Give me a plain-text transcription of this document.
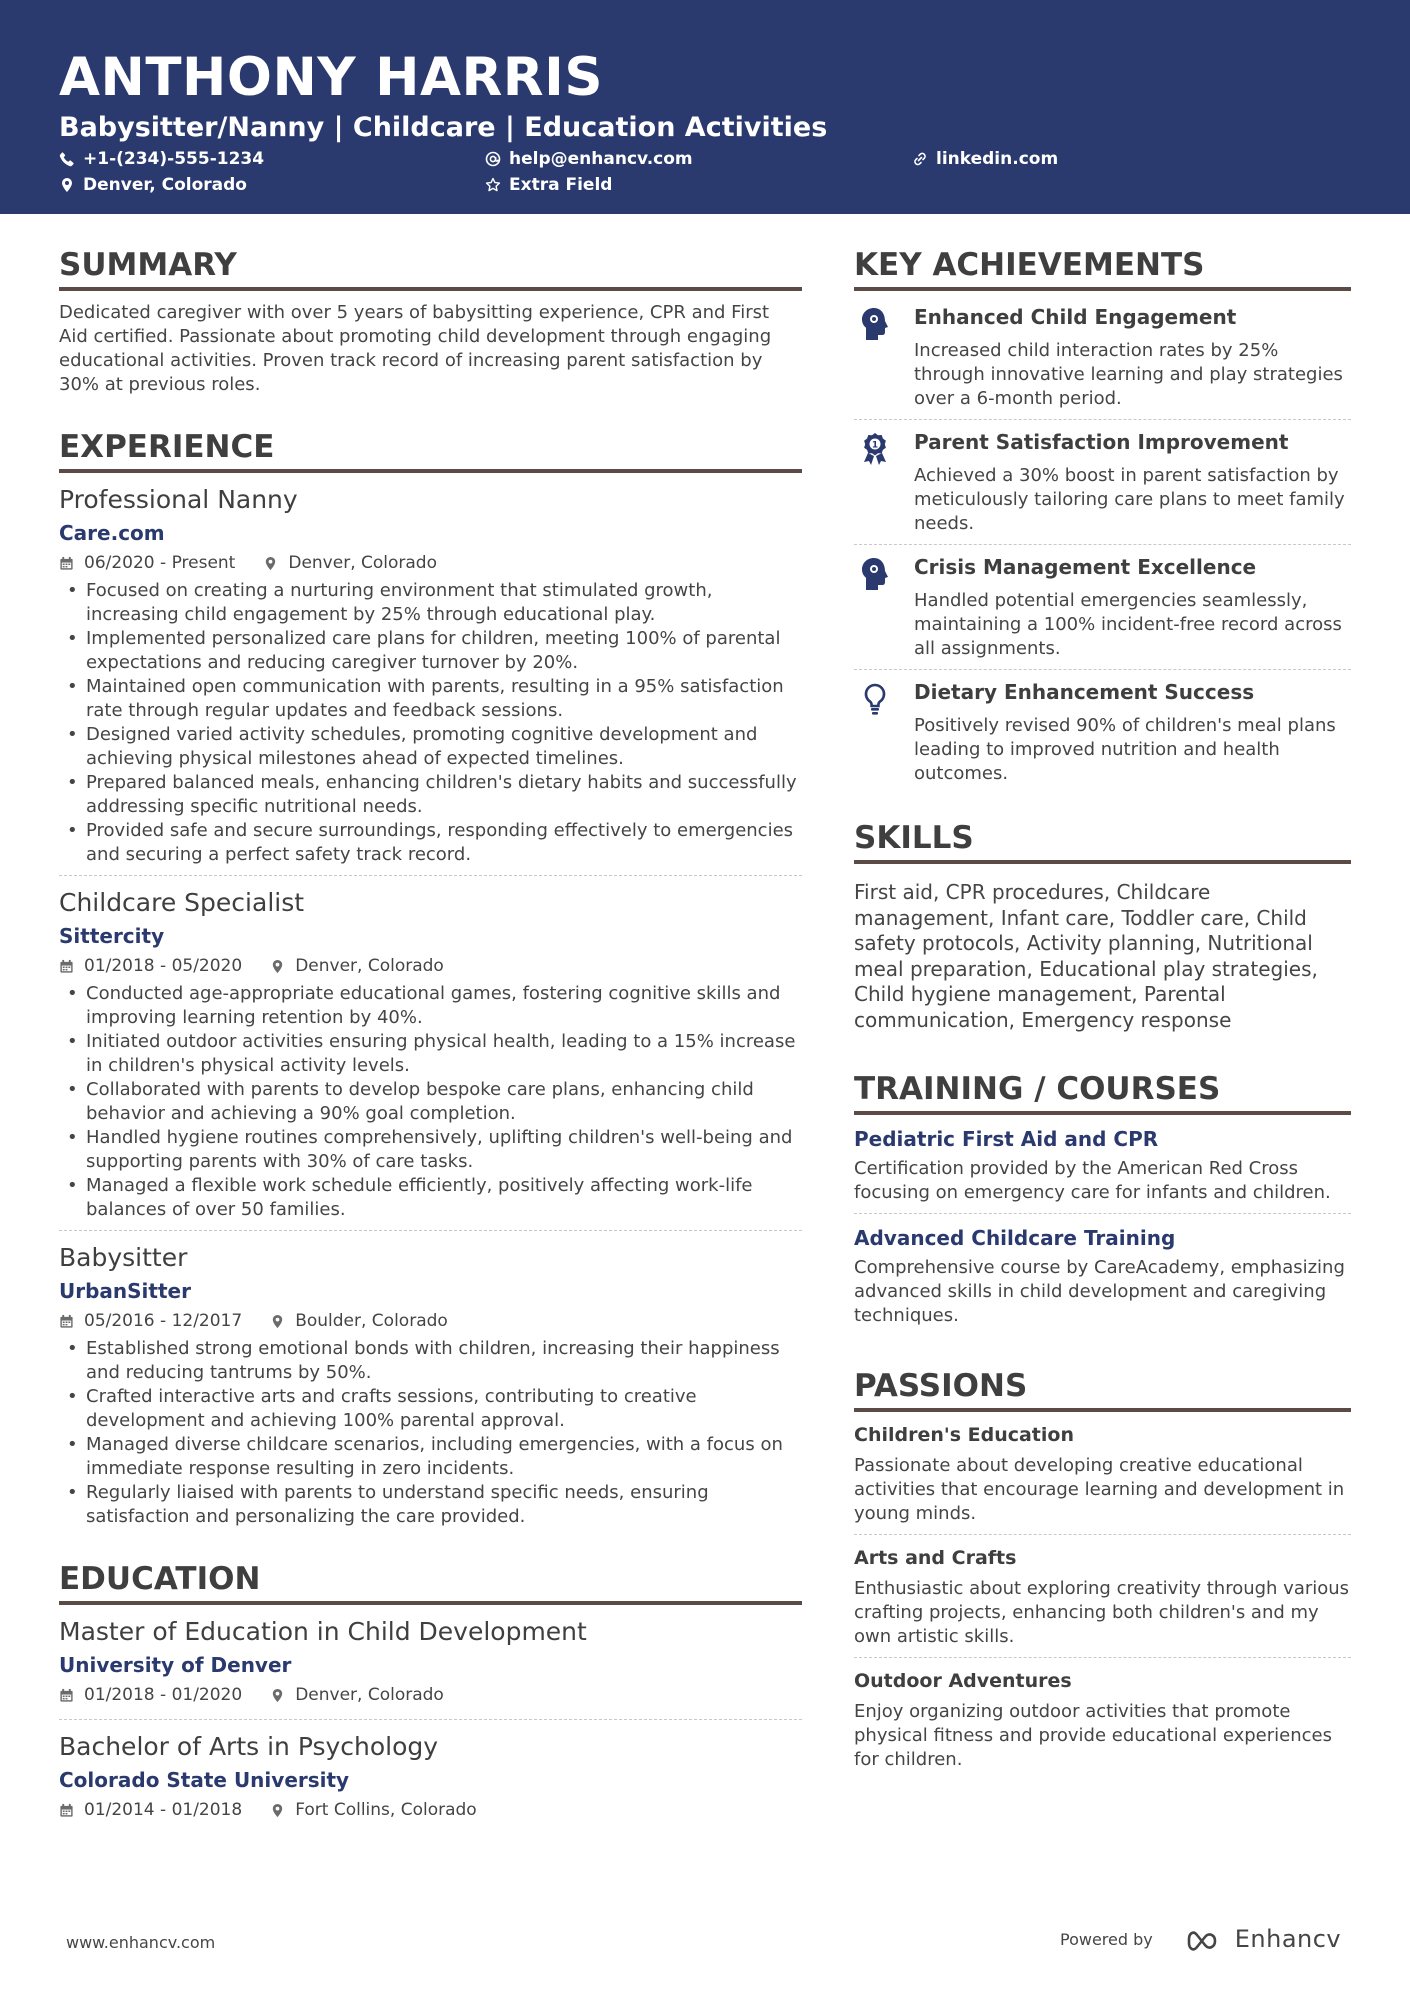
ANTHONY HARRIS
Babysitter/Nanny | Childcare | Education Activities
+1-(234)-555-1234	help@enhancv.com	linkedin.com
Denver, Colorado	Extra Field
SUMMARY
Dedicated caregiver with over 5 years of babysitting experience, CPR and First Aid certified. Passionate about promoting child development through engaging educational activities. Proven track record of increasing parent satisfaction by 30% at previous roles.
EXPERIENCE
Professional Nanny
Care.com
06/2020 - Present	Denver, Colorado
• Focused on creating a nurturing environment that stimulated growth, increasing child engagement by 25% through educational play.
• Implemented personalized care plans for children, meeting 100% of parental expectations and reducing caregiver turnover by 20%.
• Maintained open communication with parents, resulting in a 95% satisfaction rate through regular updates and feedback sessions.
• Designed varied activity schedules, promoting cognitive development and achieving physical milestones ahead of expected timelines.
• Prepared balanced meals, enhancing children's dietary habits and successfully addressing specific nutritional needs.
• Provided safe and secure surroundings, responding effectively to emergencies and securing a perfect safety track record.
Childcare Specialist
Sittercity
01/2018 - 05/2020	Denver, Colorado
• Conducted age-appropriate educational games, fostering cognitive skills and improving learning retention by 40%.
• Initiated outdoor activities ensuring physical health, leading to a 15% increase in children's physical activity levels.
• Collaborated with parents to develop bespoke care plans, enhancing child behavior and achieving a 90% goal completion.
• Handled hygiene routines comprehensively, uplifting children's well-being and supporting parents with 30% of care tasks.
• Managed a flexible work schedule efficiently, positively affecting work-life balances of over 50 families.
Babysitter
UrbanSitter
05/2016 - 12/2017	Boulder, Colorado
• Established strong emotional bonds with children, increasing their happiness and reducing tantrums by 50%.
• Crafted interactive arts and crafts sessions, contributing to creative development and achieving 100% parental approval.
• Managed diverse childcare scenarios, including emergencies, with a focus on immediate response resulting in zero incidents.
• Regularly liaised with parents to understand specific needs, ensuring satisfaction and personalizing the care provided.
EDUCATION
Master of Education in Child Development
University of Denver
01/2018 - 01/2020	Denver, Colorado
Bachelor of Arts in Psychology
Colorado State University
01/2014 - 01/2018	Fort Collins, Colorado
KEY ACHIEVEMENTS
Enhanced Child Engagement
Increased child interaction rates by 25% through innovative learning and play strategies over a 6-month period.
1 Parent Satisfaction Improvement
Achieved a 30% boost in parent satisfaction by meticulously tailoring care plans to meet family needs.
Crisis Management Excellence
Handled potential emergencies seamlessly, maintaining a 100% incident-free record across all assignments.
Dietary Enhancement Success
Positively revised 90% of children's meal plans leading to improved nutrition and health outcomes.
SKILLS
First aid, CPR procedures, Childcare management, Infant care, Toddler care, Child safety protocols, Activity planning, Nutritional meal preparation, Educational play strategies, Child hygiene management, Parental communication, Emergency response
TRAINING / COURSES
Pediatric First Aid and CPR
Certification provided by the American Red Cross focusing on emergency care for infants and children.
Advanced Childcare Training
Comprehensive course by CareAcademy, emphasizing advanced skills in child development and caregiving techniques.
PASSIONS
Children's Education
Passionate about developing creative educational activities that encourage learning and development in young minds.
Arts and Crafts
Enthusiastic about exploring creativity through various crafting projects, enhancing both children's and my own artistic skills.
Outdoor Adventures
Enjoy organizing outdoor activities that promote physical fitness and provide educational experiences for children.
www.enhancv.com	Powered by	Enhancv
